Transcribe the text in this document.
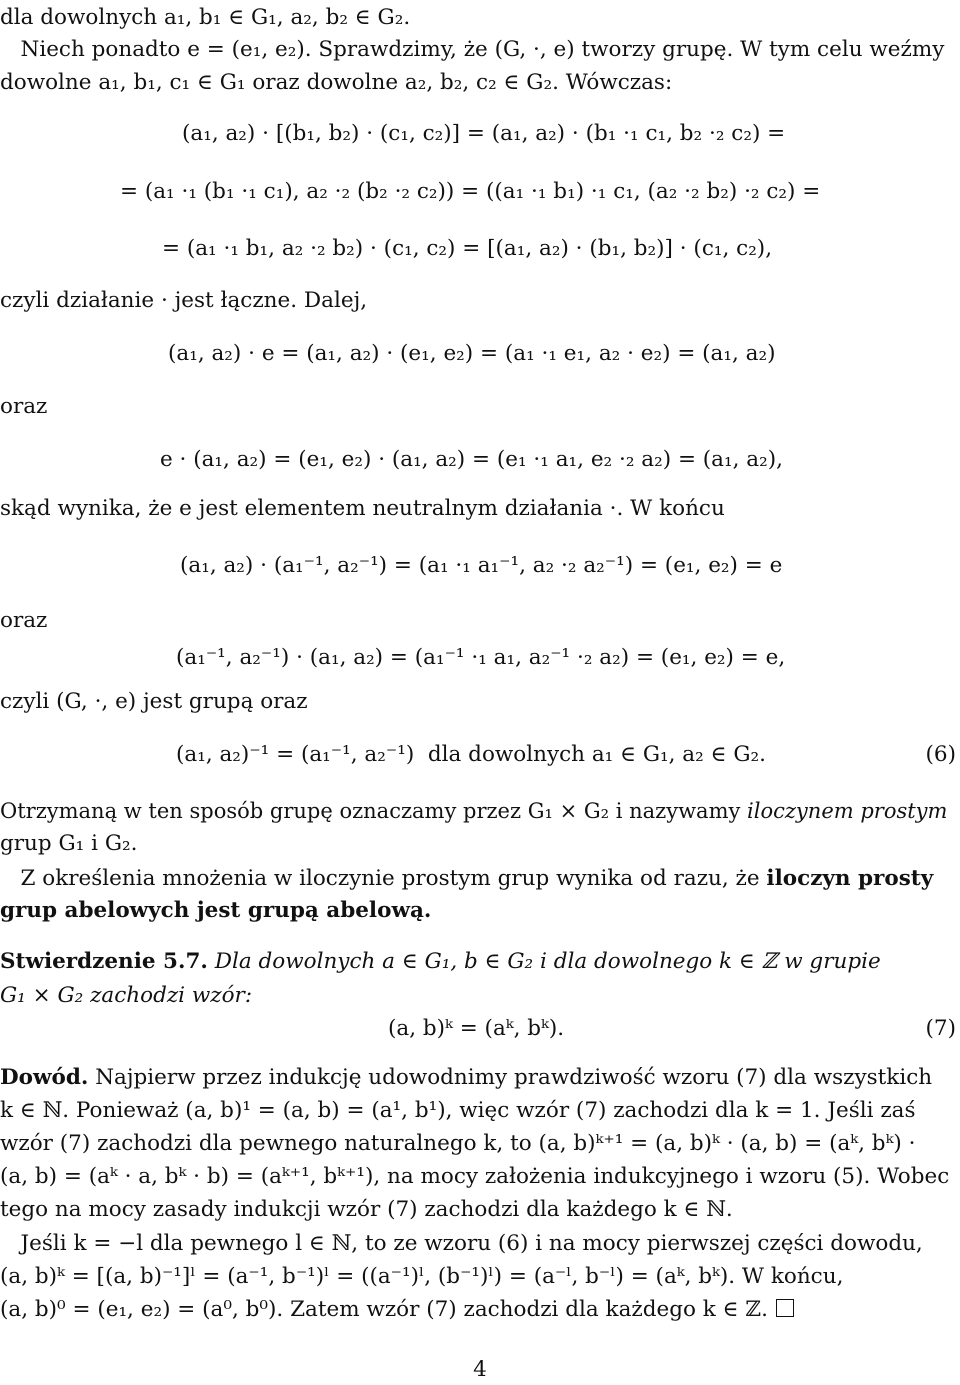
dla dowolnych a₁, b₁ ∈ G₁, a₂, b₂ ∈ G₂.
Niech ponadto e = (e₁, e₂). Sprawdzimy, że (G, ·, e) tworzy grupę. W tym celu weźmy
dowolne a₁, b₁, c₁ ∈ G₁ oraz dowolne a₂, b₂, c₂ ∈ G₂. Wówczas:
(a₁, a₂) · [(b₁, b₂) · (c₁, c₂)] = (a₁, a₂) · (b₁ ·₁ c₁, b₂ ·₂ c₂) =
= (a₁ ·₁ (b₁ ·₁ c₁), a₂ ·₂ (b₂ ·₂ c₂)) = ((a₁ ·₁ b₁) ·₁ c₁, (a₂ ·₂ b₂) ·₂ c₂) =
= (a₁ ·₁ b₁, a₂ ·₂ b₂) · (c₁, c₂) = [(a₁, a₂) · (b₁, b₂)] · (c₁, c₂),
czyli działanie · jest łączne. Dalej,
(a₁, a₂) · e = (a₁, a₂) · (e₁, e₂) = (a₁ ·₁ e₁, a₂ · e₂) = (a₁, a₂)
oraz
e · (a₁, a₂) = (e₁, e₂) · (a₁, a₂) = (e₁ ·₁ a₁, e₂ ·₂ a₂) = (a₁, a₂),
skąd wynika, że e jest elementem neutralnym działania ·. W końcu
(a₁, a₂) · (a₁⁻¹, a₂⁻¹) = (a₁ ·₁ a₁⁻¹, a₂ ·₂ a₂⁻¹) = (e₁, e₂) = e
oraz
(a₁⁻¹, a₂⁻¹) · (a₁, a₂) = (a₁⁻¹ ·₁ a₁, a₂⁻¹ ·₂ a₂) = (e₁, e₂) = e,
czyli (G, ·, e) jest grupą oraz
(a₁, a₂)⁻¹ = (a₁⁻¹, a₂⁻¹)  dla dowolnych a₁ ∈ G₁, a₂ ∈ G₂.	(6)
Otrzymaną w ten sposób grupę oznaczamy przez G₁ × G₂ i nazywamy iloczynem prostym
grup G₁ i G₂.
Z określenia mnożenia w iloczynie prostym grup wynika od razu, że iloczyn prosty
grup abelowych jest grupą abelową.
Stwierdzenie 5.7. Dla dowolnych a ∈ G₁, b ∈ G₂ i dla dowolnego k ∈ ℤ w grupie
G₁ × G₂ zachodzi wzór:
(a, b)ᵏ = (aᵏ, bᵏ).	(7)
Dowód. Najpierw przez indukcję udowodnimy prawdziwość wzoru (7) dla wszystkich
k ∈ ℕ. Ponieważ (a, b)¹ = (a, b) = (a¹, b¹), więc wzór (7) zachodzi dla k = 1. Jeśli zaś
wzór (7) zachodzi dla pewnego naturalnego k, to (a, b)ᵏ⁺¹ = (a, b)ᵏ · (a, b) = (aᵏ, bᵏ) ·
(a, b) = (aᵏ · a, bᵏ · b) = (aᵏ⁺¹, bᵏ⁺¹), na mocy założenia indukcyjnego i wzoru (5). Wobec
tego na mocy zasady indukcji wzór (7) zachodzi dla każdego k ∈ ℕ.
Jeśli k = −l dla pewnego l ∈ ℕ, to ze wzoru (6) i na mocy pierwszej części dowodu,
(a, b)ᵏ = [(a, b)⁻¹]ˡ = (a⁻¹, b⁻¹)ˡ = ((a⁻¹)ˡ, (b⁻¹)ˡ) = (a⁻ˡ, b⁻ˡ) = (aᵏ, bᵏ). W końcu,
(a, b)⁰ = (e₁, e₂) = (a⁰, b⁰). Zatem wzór (7) zachodzi dla każdego k ∈ ℤ.
4
